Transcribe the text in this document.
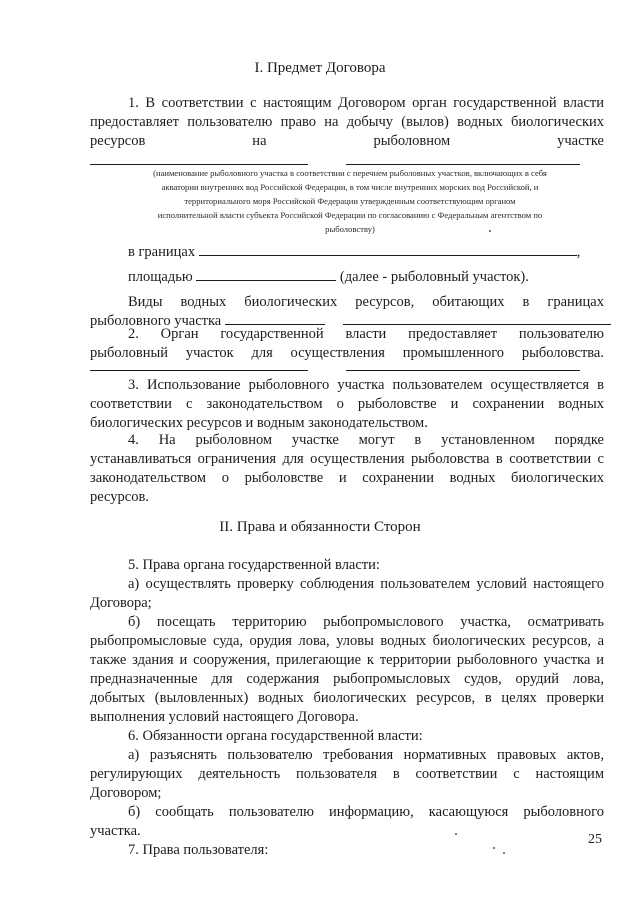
I. Предмет Договора
1. В соответствии с настоящим Договором орган государственной власти
предоставляет пользователю право на добычу (вылов) водных биологических
ресурсов на рыболовном участке
(наименование рыболовного участка в соответствии с перечнем рыболовных участков, включающих в себя
акватории внутренних вод Российской Федерации, в том числе внутренних морских вод Российской, и
территориального моря Российской Федерации утвержденным соответствующим органом
исполнительной власти субъекта Российской Федерации по согласованию с Федеральным агентством по
рыболовству)
в границах	,
площадью	(далее - рыболовный участок).
Виды водных биологических ресурсов, обитающих в границах
рыболовного участка
2. Орган государственной власти предоставляет пользователю
рыболовный участок для осуществления промышленного рыболовства.
3. Использование рыболовного участка пользователем осуществляется в
соответствии с законодательством о рыболовстве и сохранении водных
биологических ресурсов и водным законодательством.
4. На рыболовном участке могут в установленном порядке
устанавливаться ограничения для осуществления рыболовства в соответствии с
законодательством о рыболовстве и сохранении водных биологических
ресурсов.
II. Права и обязанности Сторон
5. Права органа государственной власти:
а) осуществлять проверку соблюдения пользователем условий настоящего
Договора;
б) посещать территорию рыбопромыслового участка, осматривать
рыбопромысловые суда, орудия лова, уловы водных биологических ресурсов, а
также здания и сооружения, прилегающие к территории рыболовного участка и
предназначенные для содержания рыбопромысловых судов, орудий лова,
добытых (выловленных) водных биологических ресурсов, в целях проверки
выполнения условий настоящего Договора.
6. Обязанности органа государственной власти:
а) разъяснять пользователю требования нормативных правовых актов,
регулирующих деятельность пользователя в соответствии с настоящим
Договором;
б) сообщать пользователю информацию, касающуюся рыболовного
участка.
7. Права пользователя:
25
